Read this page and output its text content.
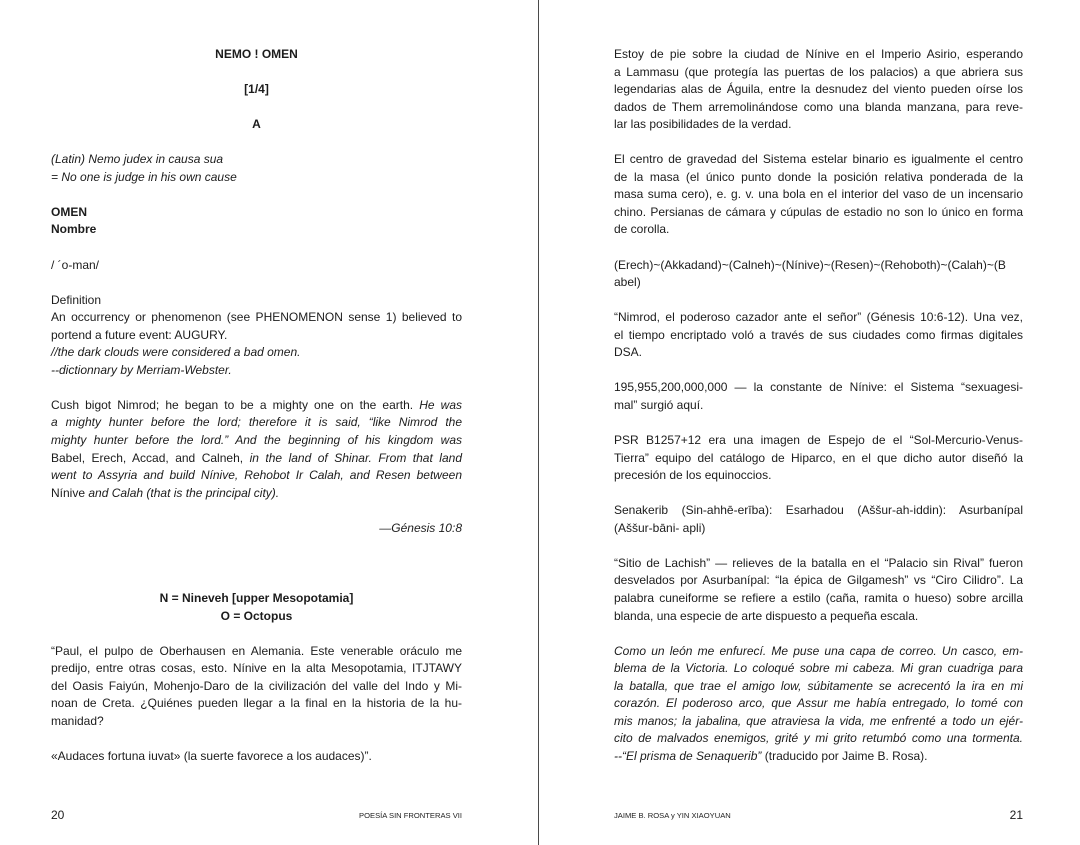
NEMO ! OMEN
[1/4]
A
(Latin) Nemo judex in causa sua
= No one is judge in his own cause
OMEN
Nombre
/ ´o-man/
Definition
An occurrency or phenomenon (see PHENOMENON sense 1) believed to
portend a future event: AUGURY.
//the dark clouds were considered a bad omen.
--dictionnary by Merriam-Webster.
Cush bigot Nimrod; he began to be a mighty one on the earth. He was
a mighty hunter before the lord; therefore it is said, “like Nimrod the
mighty hunter before the lord.” And the beginning of his kingdom was
Babel, Erech, Accad, and Calneh, in the land of Shinar. From that land
went to Assyria and build Nínive, Rehobot Ir Calah, and Resen between
Nínive and Calah (that is the principal city).
—Génesis 10:8
N = Nineveh [upper Mesopotamia]
O = Octopus
“Paul, el pulpo de Oberhausen en Alemania. Este venerable oráculo me
predijo, entre otras cosas, esto. Nínive en la alta Mesopotamia, ITJTAWY
del Oasis Faiyún, Mohenjo-Daro de la civilización del valle del Indo y Mi-
noan de Creta. ¿Quiénes pueden llegar a la final en la historia de la hu-
manidad?
«Audaces fortuna iuvat» (la suerte favorece a los audaces)”.
20	POESÍA SIN FRONTERAS VII
Estoy de pie sobre la ciudad de Nínive en el Imperio Asirio, esperando
a Lammasu (que protegía las puertas de los palacios) a que abriera sus
legendarias alas de Águila, entre la desnudez del viento pueden oírse los
dados de Them arremolinándose como una blanda manzana, para reve-
lar las posibilidades de la verdad.
El centro de gravedad del Sistema estelar binario es igualmente el centro
de la masa (el único punto donde la posición relativa ponderada de la
masa suma cero), e. g. v. una bola en el interior del vaso de un incensario
chino. Persianas de cámara y cúpulas de estadio no son lo único en forma
de corolla.
(Erech)~(Akkadand)~(Calneh)~(Nínive)~(Resen)~(Rehoboth)~(Calah)~(B
abel)
“Nimrod, el poderoso cazador ante el señor” (Génesis 10:6-12). Una vez,
el tiempo encriptado voló a través de sus ciudades como firmas digitales
DSA.
195,955,200,000,000 — la constante de Nínive: el Sistema “sexuagesi-
mal” surgió aquí.
PSR B1257+12 era una imagen de Espejo de el “Sol-Mercurio-Venus-
Tierra” equipo del catálogo de Hiparco, en el que dicho autor diseñó la
precesión de los equinoccios.
Senakerib (Sin-ahhē-erība): Esarhadou (Aššur-ah-iddin): Asurbanípal
(Aššur-bāni- apli)
“Sitio de Lachish” — relieves de la batalla en el “Palacio sin Rival” fueron
desvelados por Asurbanípal: “la épica de Gilgamesh” vs “Ciro Cilidro”. La
palabra cuneiforme se refiere a estilo (caña, ramita o hueso) sobre arcilla
blanda, una especie de arte dispuesto a pequeña escala.
Como un león me enfurecí. Me puse una capa de correo. Un casco, em-
blema de la Victoria. Lo coloqué sobre mi cabeza. Mi gran cuadriga para
la batalla, que trae el amigo low, súbitamente se acrecentó la ira en mi
corazón. El poderoso arco, que Assur me había entregado, lo tomé con
mis manos; la jabalina, que atraviesa la vida, me enfrenté a todo un ejér-
cito de malvados enemigos, grité y mi grito retumbó como una tormenta.
--“El prisma de Senaquerib” (traducido por Jaime B. Rosa).
JAIME B. ROSA y YIN XIAOYUAN	21
